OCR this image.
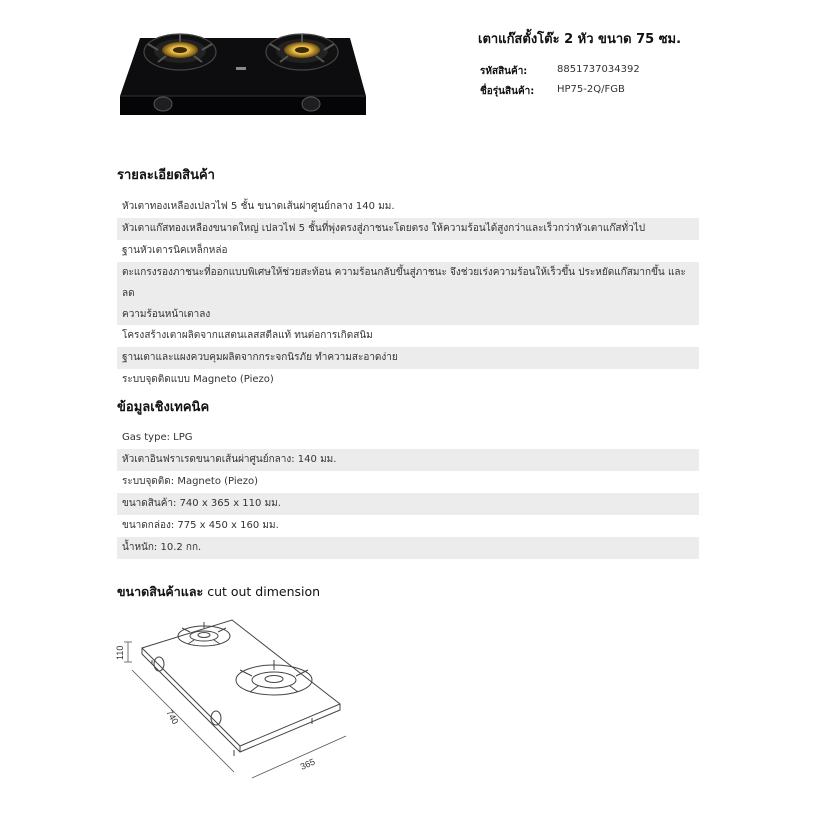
เตาแก๊สตั้งโต๊ะ 2 หัว ขนาด 75 ซม.
รหัสสินค้า:	8851737034392
ชื่อรุ่นสินค้า: HP75-2Q/FGB
รายละเอียดสินค้า
หัวเตาทองเหลืองเปลวไฟ 5 ชั้น ขนาดเส้นผ่าศูนย์กลาง 140 มม.
หัวเตาแก๊สทองเหลืองขนาดใหญ่ เปลวไฟ 5 ชั้นที่พุ่งตรงสู่ภาชนะโดยตรง ให้ความร้อนได้สูงกว่าและเร็วกว่าหัวเตาแก๊สทั่วไป
ฐานหัวเตารนิคเหล็กหล่อ
ตะแกรงรองภาชนะที่ออกแบบพิเศษให้ช่วยสะท้อน ความร้อนกลับขึ้นสู่ภาชนะ จึงช่วยเร่งความร้อนให้เร็วขึ้น ประหยัดแก๊สมากขึ้น และลด
ความร้อนหน้าเตาลง
โครงสร้างเตาผลิตจากแสตนเลสสตีลแท้ ทนต่อการเกิดสนิม
ฐานเตาและแผงควบคุมผลิตจากกระจกนิรภัย ทำความสะอาดง่าย
ระบบจุดติดแบบ Magneto (Piezo)
ข้อมูลเชิงเทคนิค
Gas type: LPG
หัวเตาอินฟราเรดขนาดเส้นผ่าศูนย์กลาง: 140 มม.
ระบบจุดติด: Magneto (Piezo)
ขนาดสินค้า: 740 x 365 x 110 มม.
ขนาดกล่อง: 775 x 450 x 160 มม.
น้ำหนัก: 10.2 กก.
ขนาดสินค้าและ cut out dimension
110
740
365
